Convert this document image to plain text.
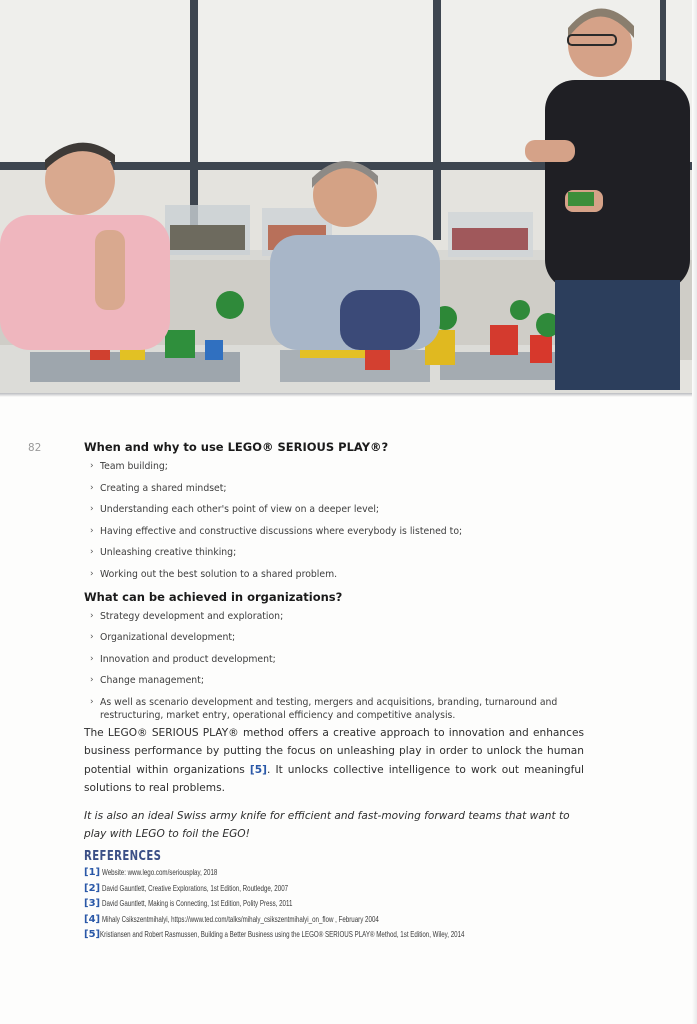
82	When and why to use LEGO® SERIOUS PLAY®?
› Team building;
› Creating a shared mindset;
› Understanding each other's point of view on a deeper level;
› Having effective and constructive discussions where everybody is listened to;
› Unleashing creative thinking;
› Working out the best solution to a shared problem.
What can be achieved in organizations?
› Strategy development and exploration;
› Organizational development;
› Innovation and product development;
› Change management;
› As well as scenario development and testing, mergers and acquisitions, branding, turnaround and restructuring, market entry, operational efficiency and competitive analysis.

The LEGO® SERIOUS PLAY® method offers a creative approach to innovation and enhances business performance by putting the focus on unleashing play in order to unlock the human potential within organizations [5]. It unlocks collective intelligence to work out meaningful solutions to real problems.

It is also an ideal Swiss army knife for efficient and fast-moving forward teams that want to play with LEGO to foil the EGO!

REFERENCES
[1] Website: www.lego.com/seriousplay, 2018
[2] David Gauntlett, Creative Explorations, 1st Edition, Routledge, 2007
[3] David Gauntlett, Making is Connecting, 1st Edition, Polity Press, 2011
[4] Mihaly Csikszentmihalyi, https://www.ted.com/talks/mihaly_csikszentmihalyi_on_flow , February 2004
[5] Kristiansen and Robert Rasmussen, Building a Better Business using the LEGO® SERIOUS PLAY® Method, 1st Edition, Wiley, 2014
